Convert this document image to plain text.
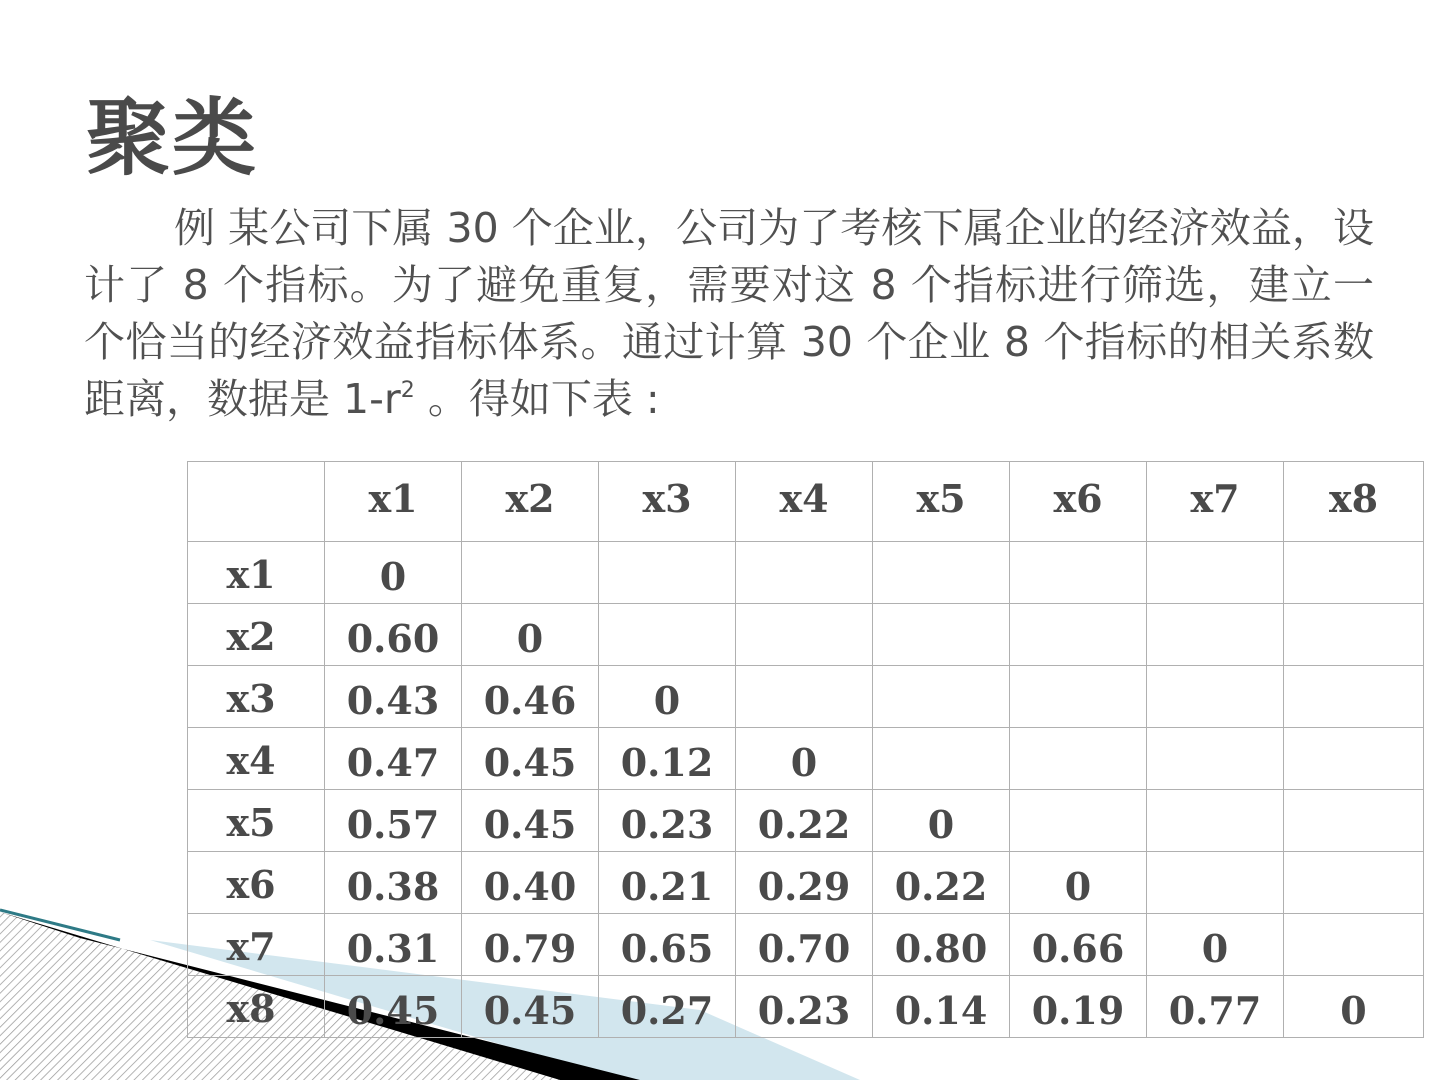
聚类

例 某公司下属 30 个企业，公司为了考核下属企业的经济效益，设计了 8 个指标。为了避免重复，需要对这 8 个指标进行筛选，建立一个恰当的经济效益指标体系。通过计算 30 个企业 8 个指标的相关系数距离，数据是 $1-r^2$ 。得如下表 :

	x1	x2	x3	x4	x5	x6	x7	x8

x1	0							

x2	0.60	0						

x3	0.43	0.46	0					

x4	0.47	0.45	0.12	0				

x5	0.57	0.45	0.23	0.22	0			

x6	0.38	0.40	0.21	0.29	0.22	0		

x7	0.31	0.79	0.65	0.70	0.80	0.66	0	

x8	0.45	0.45	0.27	0.23	0.14	0.19	0.77	0
